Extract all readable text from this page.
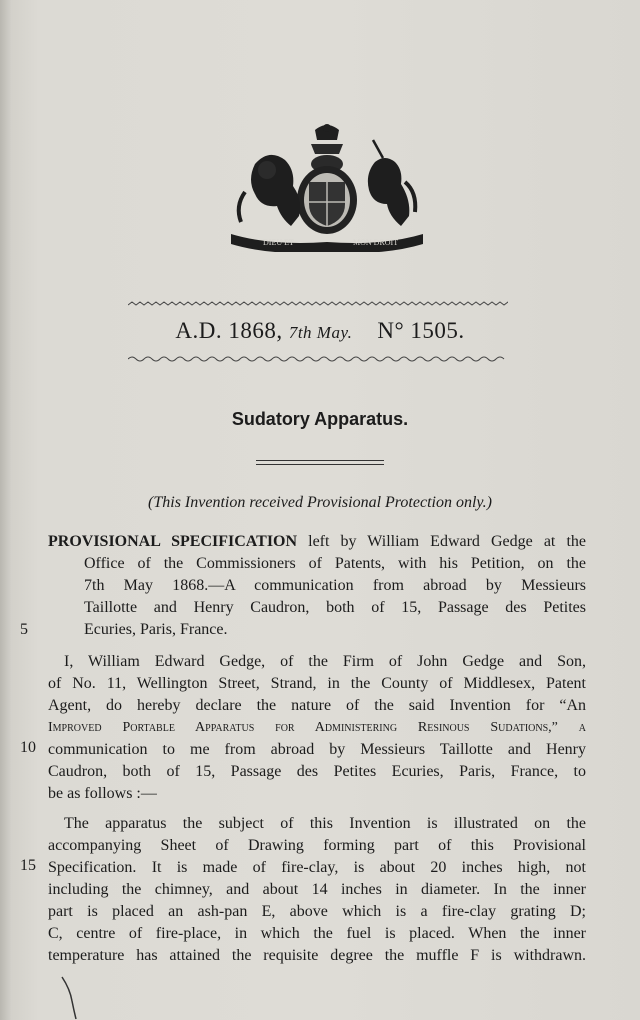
DIEU ET	MON DROIT
A.D. 1868, 7th May. N° 1505.
Sudatory Apparatus.
(This Invention received Provisional Protection only.)
PROVISIONAL SPECIFICATION left by William Edward Gedge at the
Office of the Commissioners of Patents, with his Petition, on the
7th May 1868.—A communication from abroad by Messieurs
Taillotte and Henry Caudron, both of 15, Passage des Petites
Ecuries, Paris, France.
5
I, William Edward Gedge, of the Firm of John Gedge and Son,
of No. 11, Wellington Street, Strand, in the County of Middlesex, Patent
Agent, do hereby declare the nature of the said Invention for “An
Improved Portable Apparatus for Administering Resinous Sudations,” a
communication to me from abroad by Messieurs Taillotte and Henry
Caudron, both of 15, Passage des Petites Ecuries, Paris, France, to
be as follows :—
10
The apparatus the subject of this Invention is illustrated on the
accompanying Sheet of Drawing forming part of this Provisional
Specification. It is made of fire-clay, is about 20 inches high, not
including the chimney, and about 14 inches in diameter. In the inner
part is placed an ash-pan E, above which is a fire-clay grating D;
C, centre of fire-place, in which the fuel is placed. When the inner
temperature has attained the requisite degree the muffle F is withdrawn.
15
